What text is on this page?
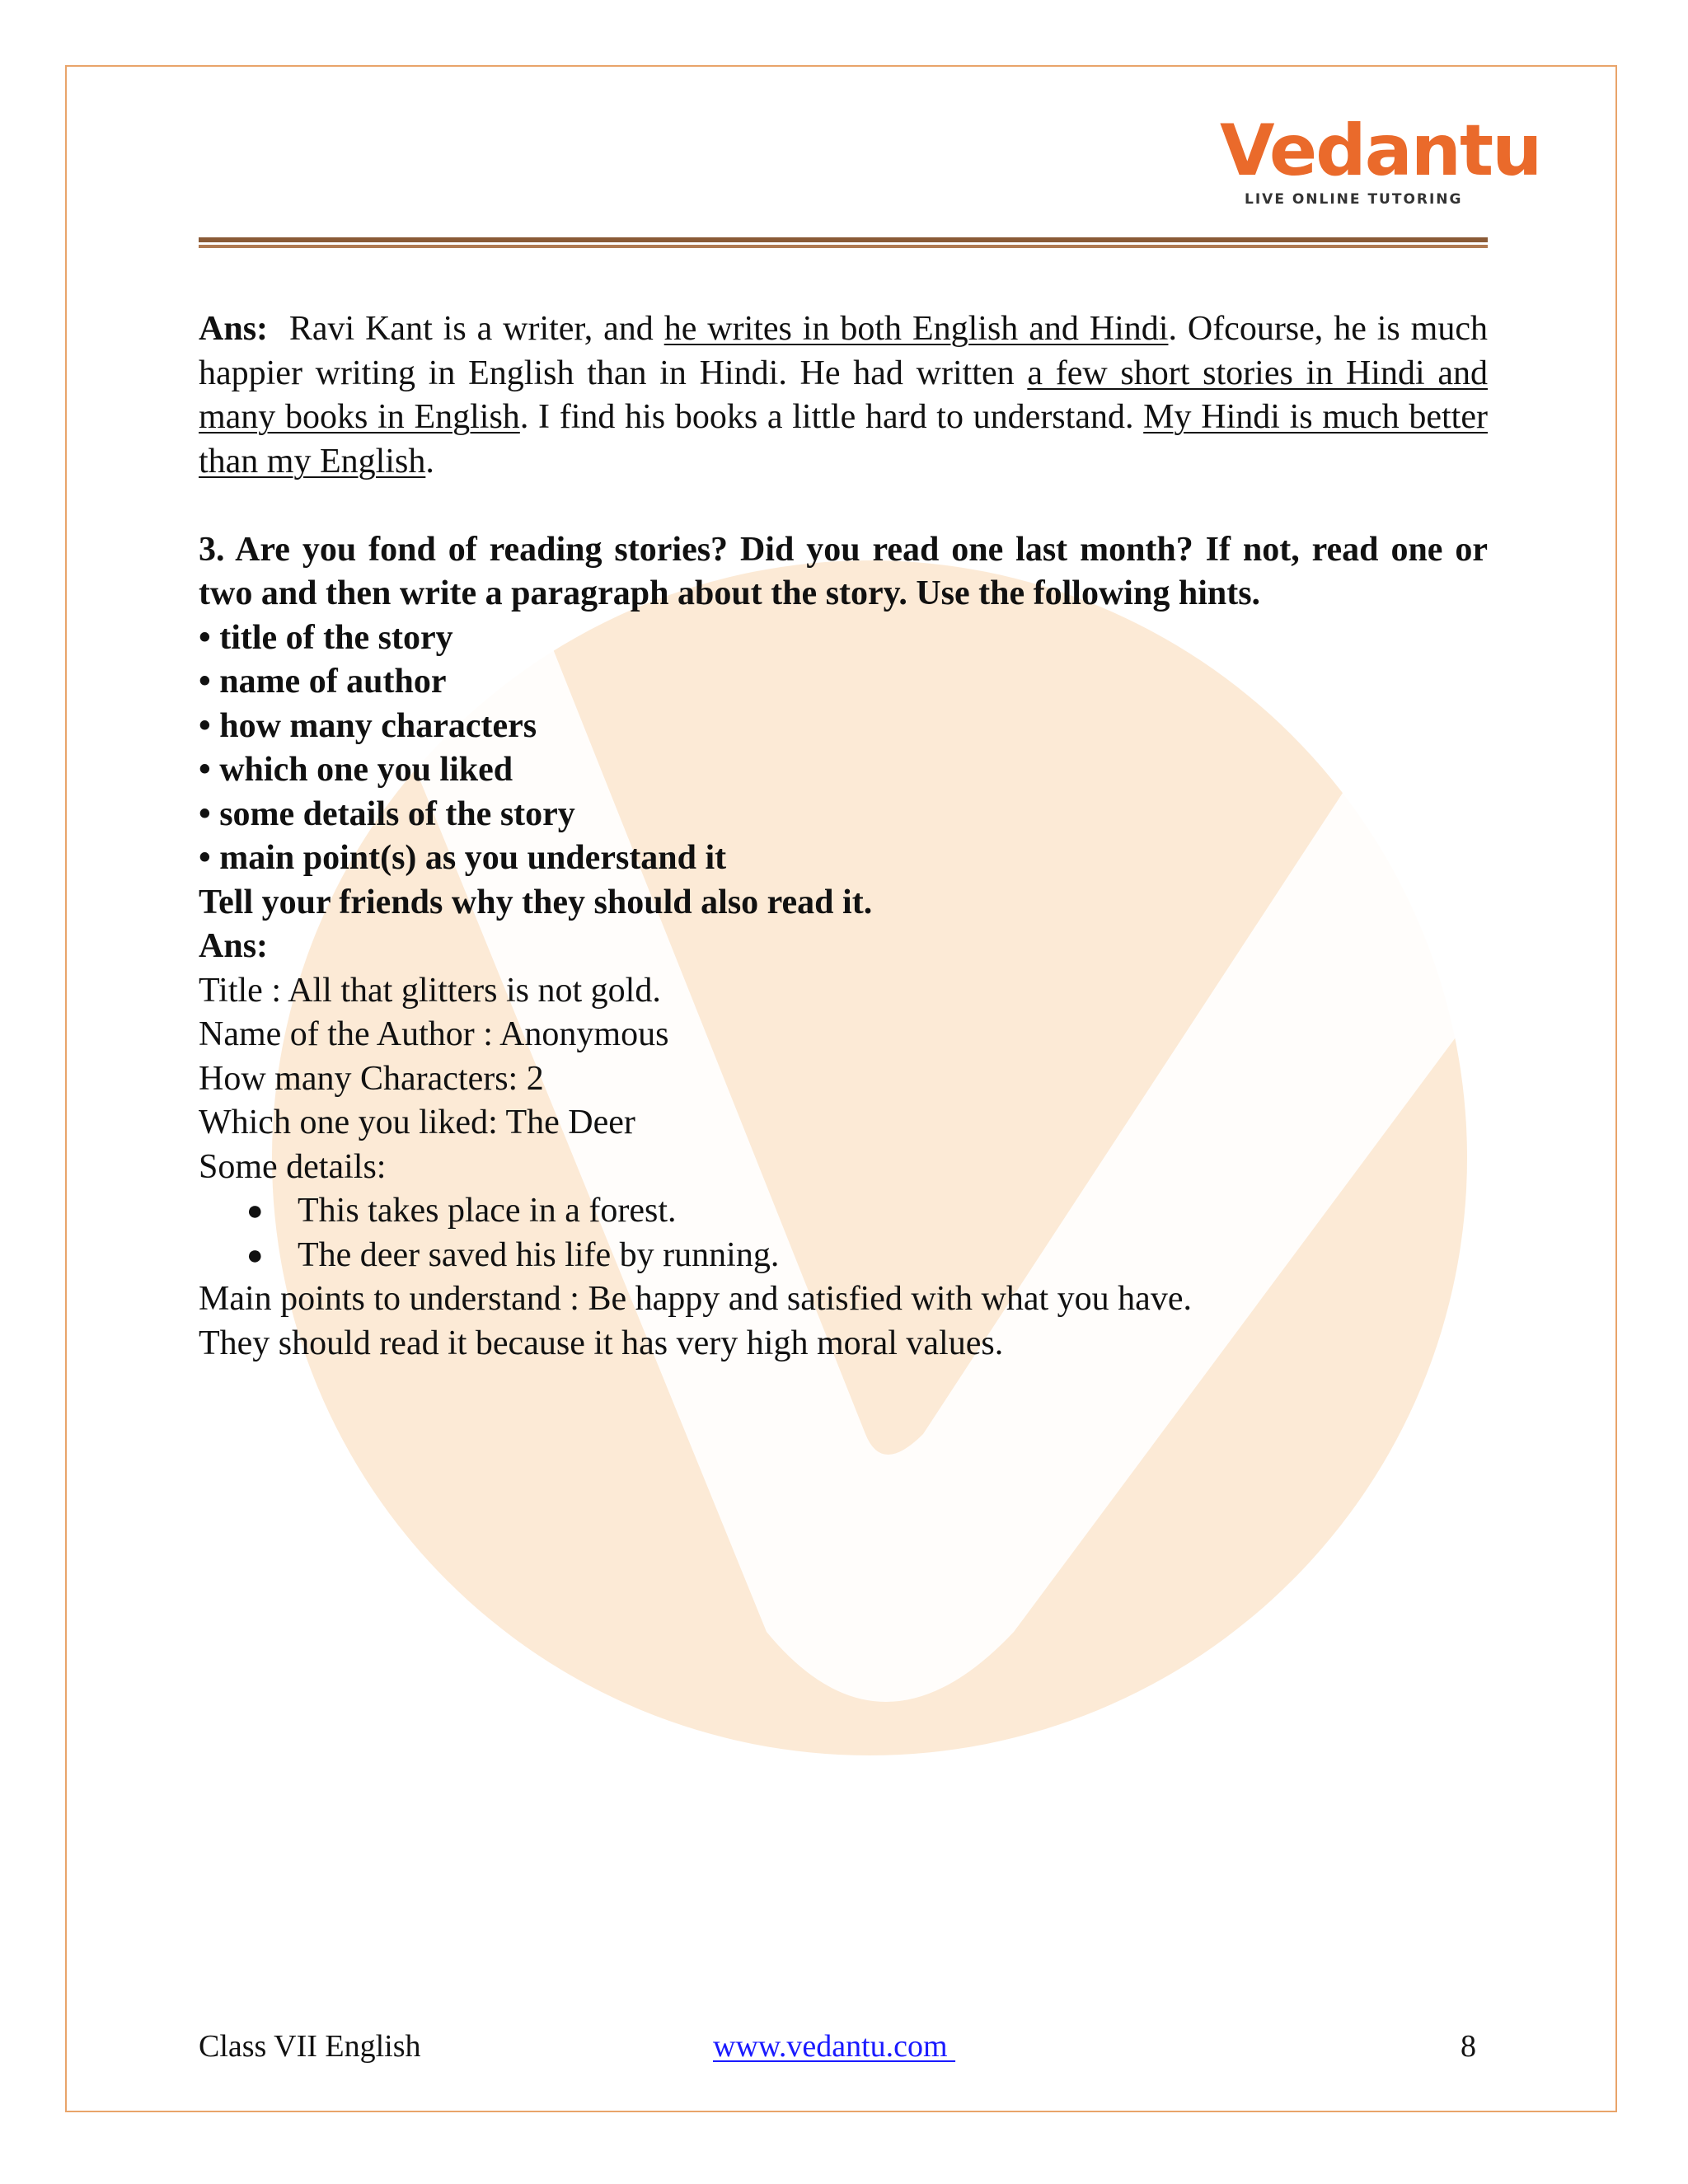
Vedantu
LIVE ONLINE TUTORING

Ans: Ravi Kant is a writer, and he writes in both English and Hindi. Ofcourse, he is much happier writing in English than in Hindi. He had written a few short stories in Hindi and many books in English. I find his books a little hard to understand. My Hindi is much better than my English.

3. Are you fond of reading stories? Did you read one last month? If not, read one or two and then write a paragraph about the story. Use the following hints.

• title of the story
• name of author
• how many characters
• which one you liked
• some details of the story
• main point(s) as you understand it

Tell your friends why they should also read it.

Ans:

Title : All that glitters is not gold.

Name of the Author : Anonymous

How many Characters: 2

Which one you liked: The Deer

Some details:

● This takes place in a forest.
● The deer saved his life by running.

Main points to understand : Be happy and satisfied with what you have.

They should read it because it has very high moral values.

Class VII English	www.vedantu.com	8
